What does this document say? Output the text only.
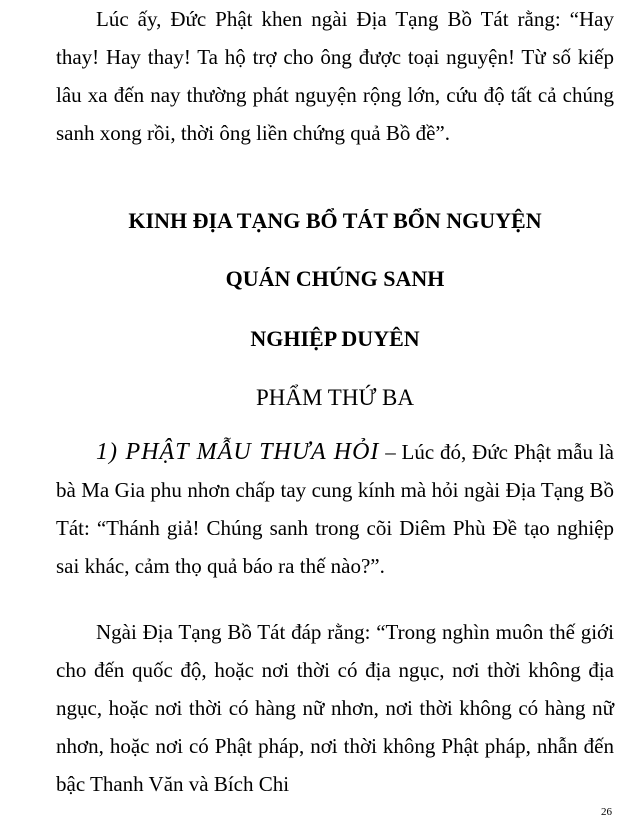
Lúc ấy, Đức Phật khen ngài Địa Tạng Bồ Tát rằng: “Hay thay! Hay thay! Ta hộ trợ cho ông được toại nguyện! Từ số kiếp lâu xa đến nay thường phát nguyện rộng lớn, cứu độ tất cả chúng sanh xong rồi, thời ông liền chứng quả Bồ đề”.

KINH ĐỊA TẠNG BỔ TÁT BỔN NGUYỆN
QUÁN CHÚNG SANH
NGHIỆP DUYÊN
PHẨM THỨ BA

1) PHẬT MẪU THƯA HỎI – Lúc đó, Đức Phật mẫu là bà Ma Gia phu nhơn chấp tay cung kính mà hỏi ngài Địa Tạng Bồ Tát: “Thánh giả! Chúng sanh trong cõi Diêm Phù Đề tạo nghiệp sai khác, cảm thọ quả báo ra thế nào?”.

Ngài Địa Tạng Bồ Tát đáp rằng: “Trong nghìn muôn thế giới cho đến quốc độ, hoặc nơi thời có địa ngục, nơi thời không địa ngục, hoặc nơi thời có hàng nữ nhơn, nơi thời không có hàng nữ nhơn, hoặc nơi có Phật pháp, nơi thời không Phật pháp, nhẫn đến bậc Thanh Văn và Bích Chi

26
